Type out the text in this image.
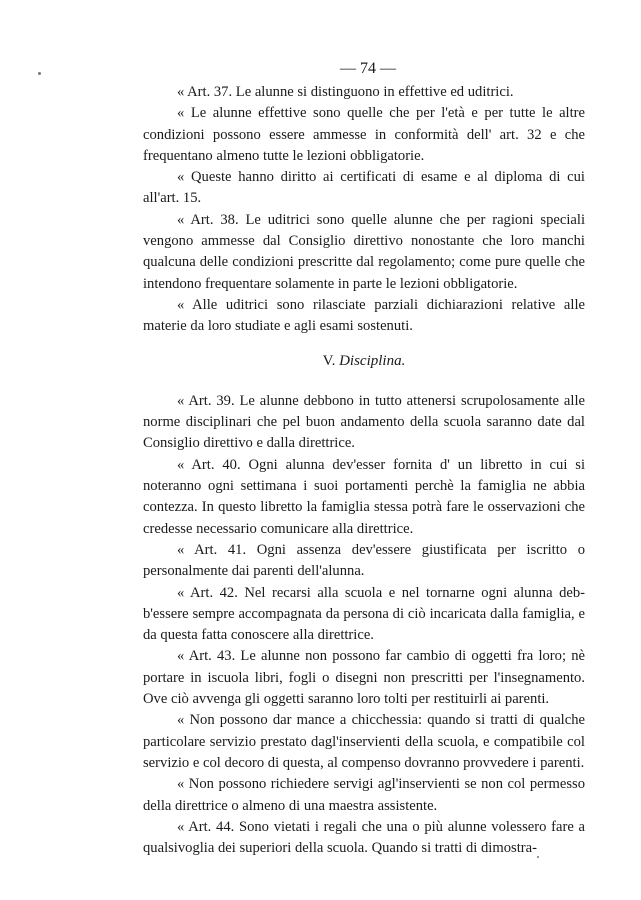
— 74 —

« Art. 37. Le alunne si distinguono in effettive ed uditrici.

« Le alunne effettive sono quelle che per l'età e per tutte le altre condizioni possono essere ammesse in conformità dell' art. 32 e che frequentano almeno tutte le lezioni obbligatorie.

« Queste hanno diritto ai certificati di esame e al diploma di cui all'art. 15.

« Art. 38. Le uditrici sono quelle alunne che per ragioni speciali vengono ammesse dal Consiglio direttivo nonostante che loro manchi qualcuna delle condizioni prescritte dal regolamento; come pure quelle che intendono frequentare solamente in parte le lezioni obbligatorie.

« Alle uditrici sono rilasciate parziali dichiarazioni relative alle materie da loro studiate e agli esami sostenuti.

V. Disciplina.

« Art. 39. Le alunne debbono in tutto attenersi scrupolosamente alle norme disciplinari che pel buon andamento della scuola saranno date dal Consiglio direttivo e dalla direttrice.

« Art. 40. Ogni alunna dev'esser fornita d' un libretto in cui si noteranno ogni settimana i suoi portamenti perchè la famiglia ne abbia contezza. In questo libretto la famiglia stessa potrà fare le osservazioni che credesse necessario comunicare alla direttrice.

« Art. 41. Ogni assenza dev'essere giustificata per iscritto o personalmente dai parenti dell'alunna.

« Art. 42. Nel recarsi alla scuola e nel tornarne ogni alunna deb-b'essere sempre accompagnata da persona di ciò incaricata dalla famiglia, e da questa fatta conoscere alla direttrice.

« Art. 43. Le alunne non possono far cambio di oggetti fra loro; nè portare in iscuola libri, fogli o disegni non prescritti per l'insegnamento. Ove ciò avvenga gli oggetti saranno loro tolti per restituirli ai parenti.

« Non possono dar mance a chicchessia: quando si tratti di qualche particolare servizio prestato dagl'inservienti della scuola, e compatibile col servizio e col decoro di questa, al compenso dovranno provvedere i parenti.

« Non possono richiedere servigi agl'inservienti se non col permesso della direttrice o almeno di una maestra assistente.

« Art. 44. Sono vietati i regali che una o più alunne volessero fare a qualsivoglia dei superiori della scuola. Quando si tratti di dimostra-
